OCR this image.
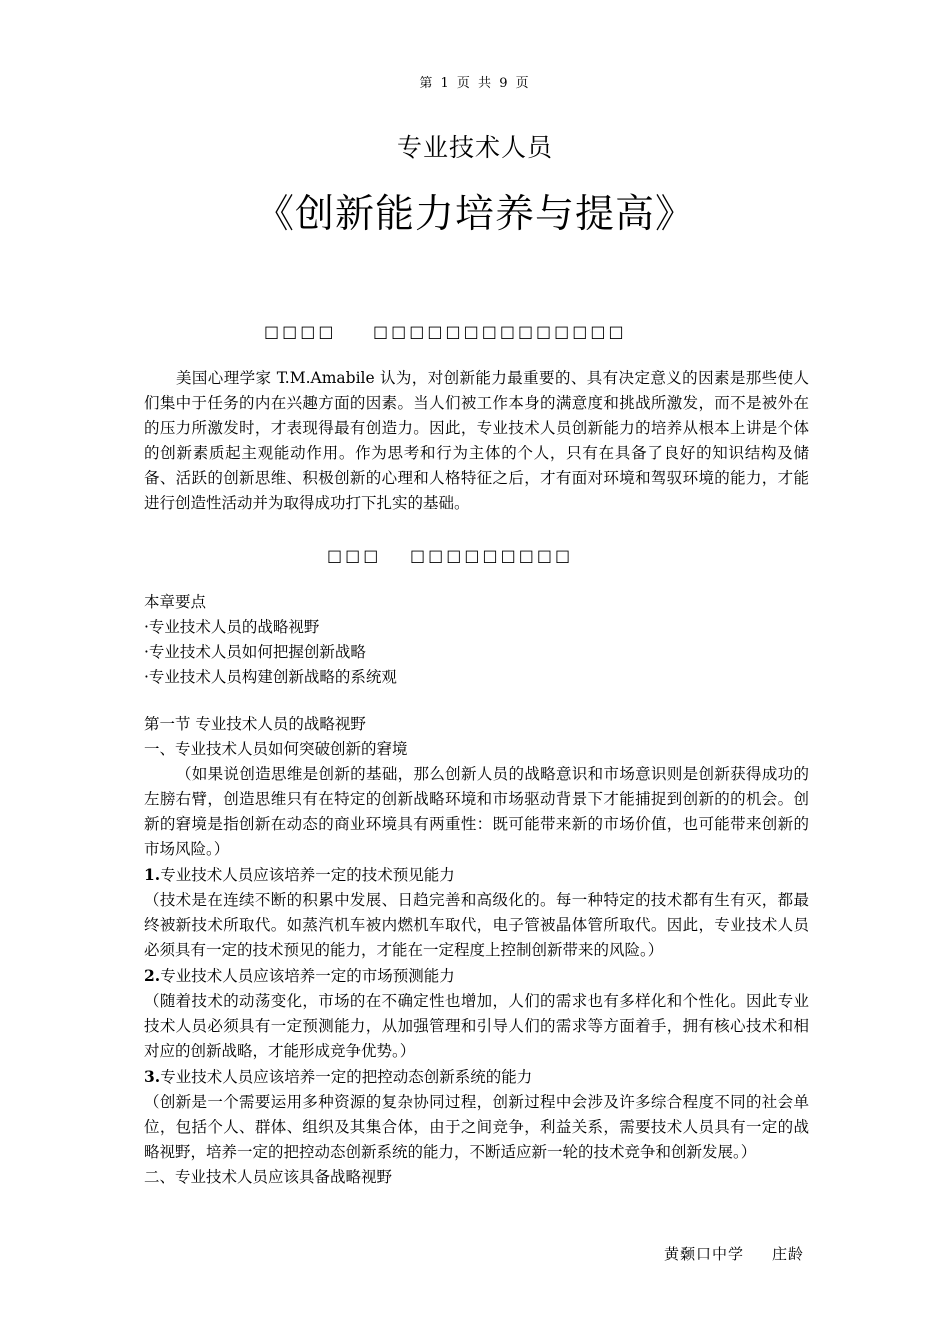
第 1 页 共 9 页
专业技术人员
《创新能力培养与提高》
□□□□ □□□□□□□□□□□□□□

美国心理学家 T.M.Amabile 认为，对创新能力最重要的、具有决定意义的因素是那些使人们集中于任务的内在兴趣方面的因素。当人们被工作本身的满意度和挑战所激发，而不是被外在的压力所激发时，才表现得最有创造力。因此，专业技术人员创新能力的培养从根本上讲是个体的创新素质起主观能动作用。作为思考和行为主体的个人，只有在具备了良好的知识结构及储备、活跃的创新思维、积极创新的心理和人格特征之后，才有面对环境和驾驭环境的能力，才能进行创造性活动并为取得成功打下扎实的基础。

□□□ □□□□□□□□□
本章要点
·专业技术人员的战略视野
·专业技术人员如何把握创新战略
·专业技术人员构建创新战略的系统观
第一节 专业技术人员的战略视野
一、专业技术人员如何突破创新的窘境

（如果说创造思维是创新的基础，那么创新人员的战略意识和市场意识则是创新获得成功的左膀右臂，创造思维只有在特定的创新战略环境和市场驱动背景下才能捕捉到创新的的机会。创新的窘境是指创新在动态的商业环境具有两重性：既可能带来新的市场价值，也可能带来创新的市场风险。）

1.专业技术人员应该培养一定的技术预见能力

（技术是在连续不断的积累中发展、日趋完善和高级化的。每一种特定的技术都有生有灭，都最终被新技术所取代。如蒸汽机车被内燃机车取代，电子管被晶体管所取代。因此，专业技术人员必须具有一定的技术预见的能力，才能在一定程度上控制创新带来的风险。）

2.专业技术人员应该培养一定的市场预测能力

（随着技术的动荡变化，市场的在不确定性也增加，人们的需求也有多样化和个性化。因此专业技术人员必须具有一定预测能力，从加强管理和引导人们的需求等方面着手，拥有核心技术和相对应的创新战略，才能形成竞争优势。）

3.专业技术人员应该培养一定的把控动态创新系统的能力

（创新是一个需要运用多种资源的复杂协同过程，创新过程中会涉及许多综合程度不同的社会单位，包括个人、群体、组织及其集合体，由于之间竞争，利益关系，需要技术人员具有一定的战略视野，培养一定的把控动态创新系统的能力，不断适应新一轮的技术竞争和创新发展。）

二、专业技术人员应该具备战略视野
黄颡口中学 庄龄
